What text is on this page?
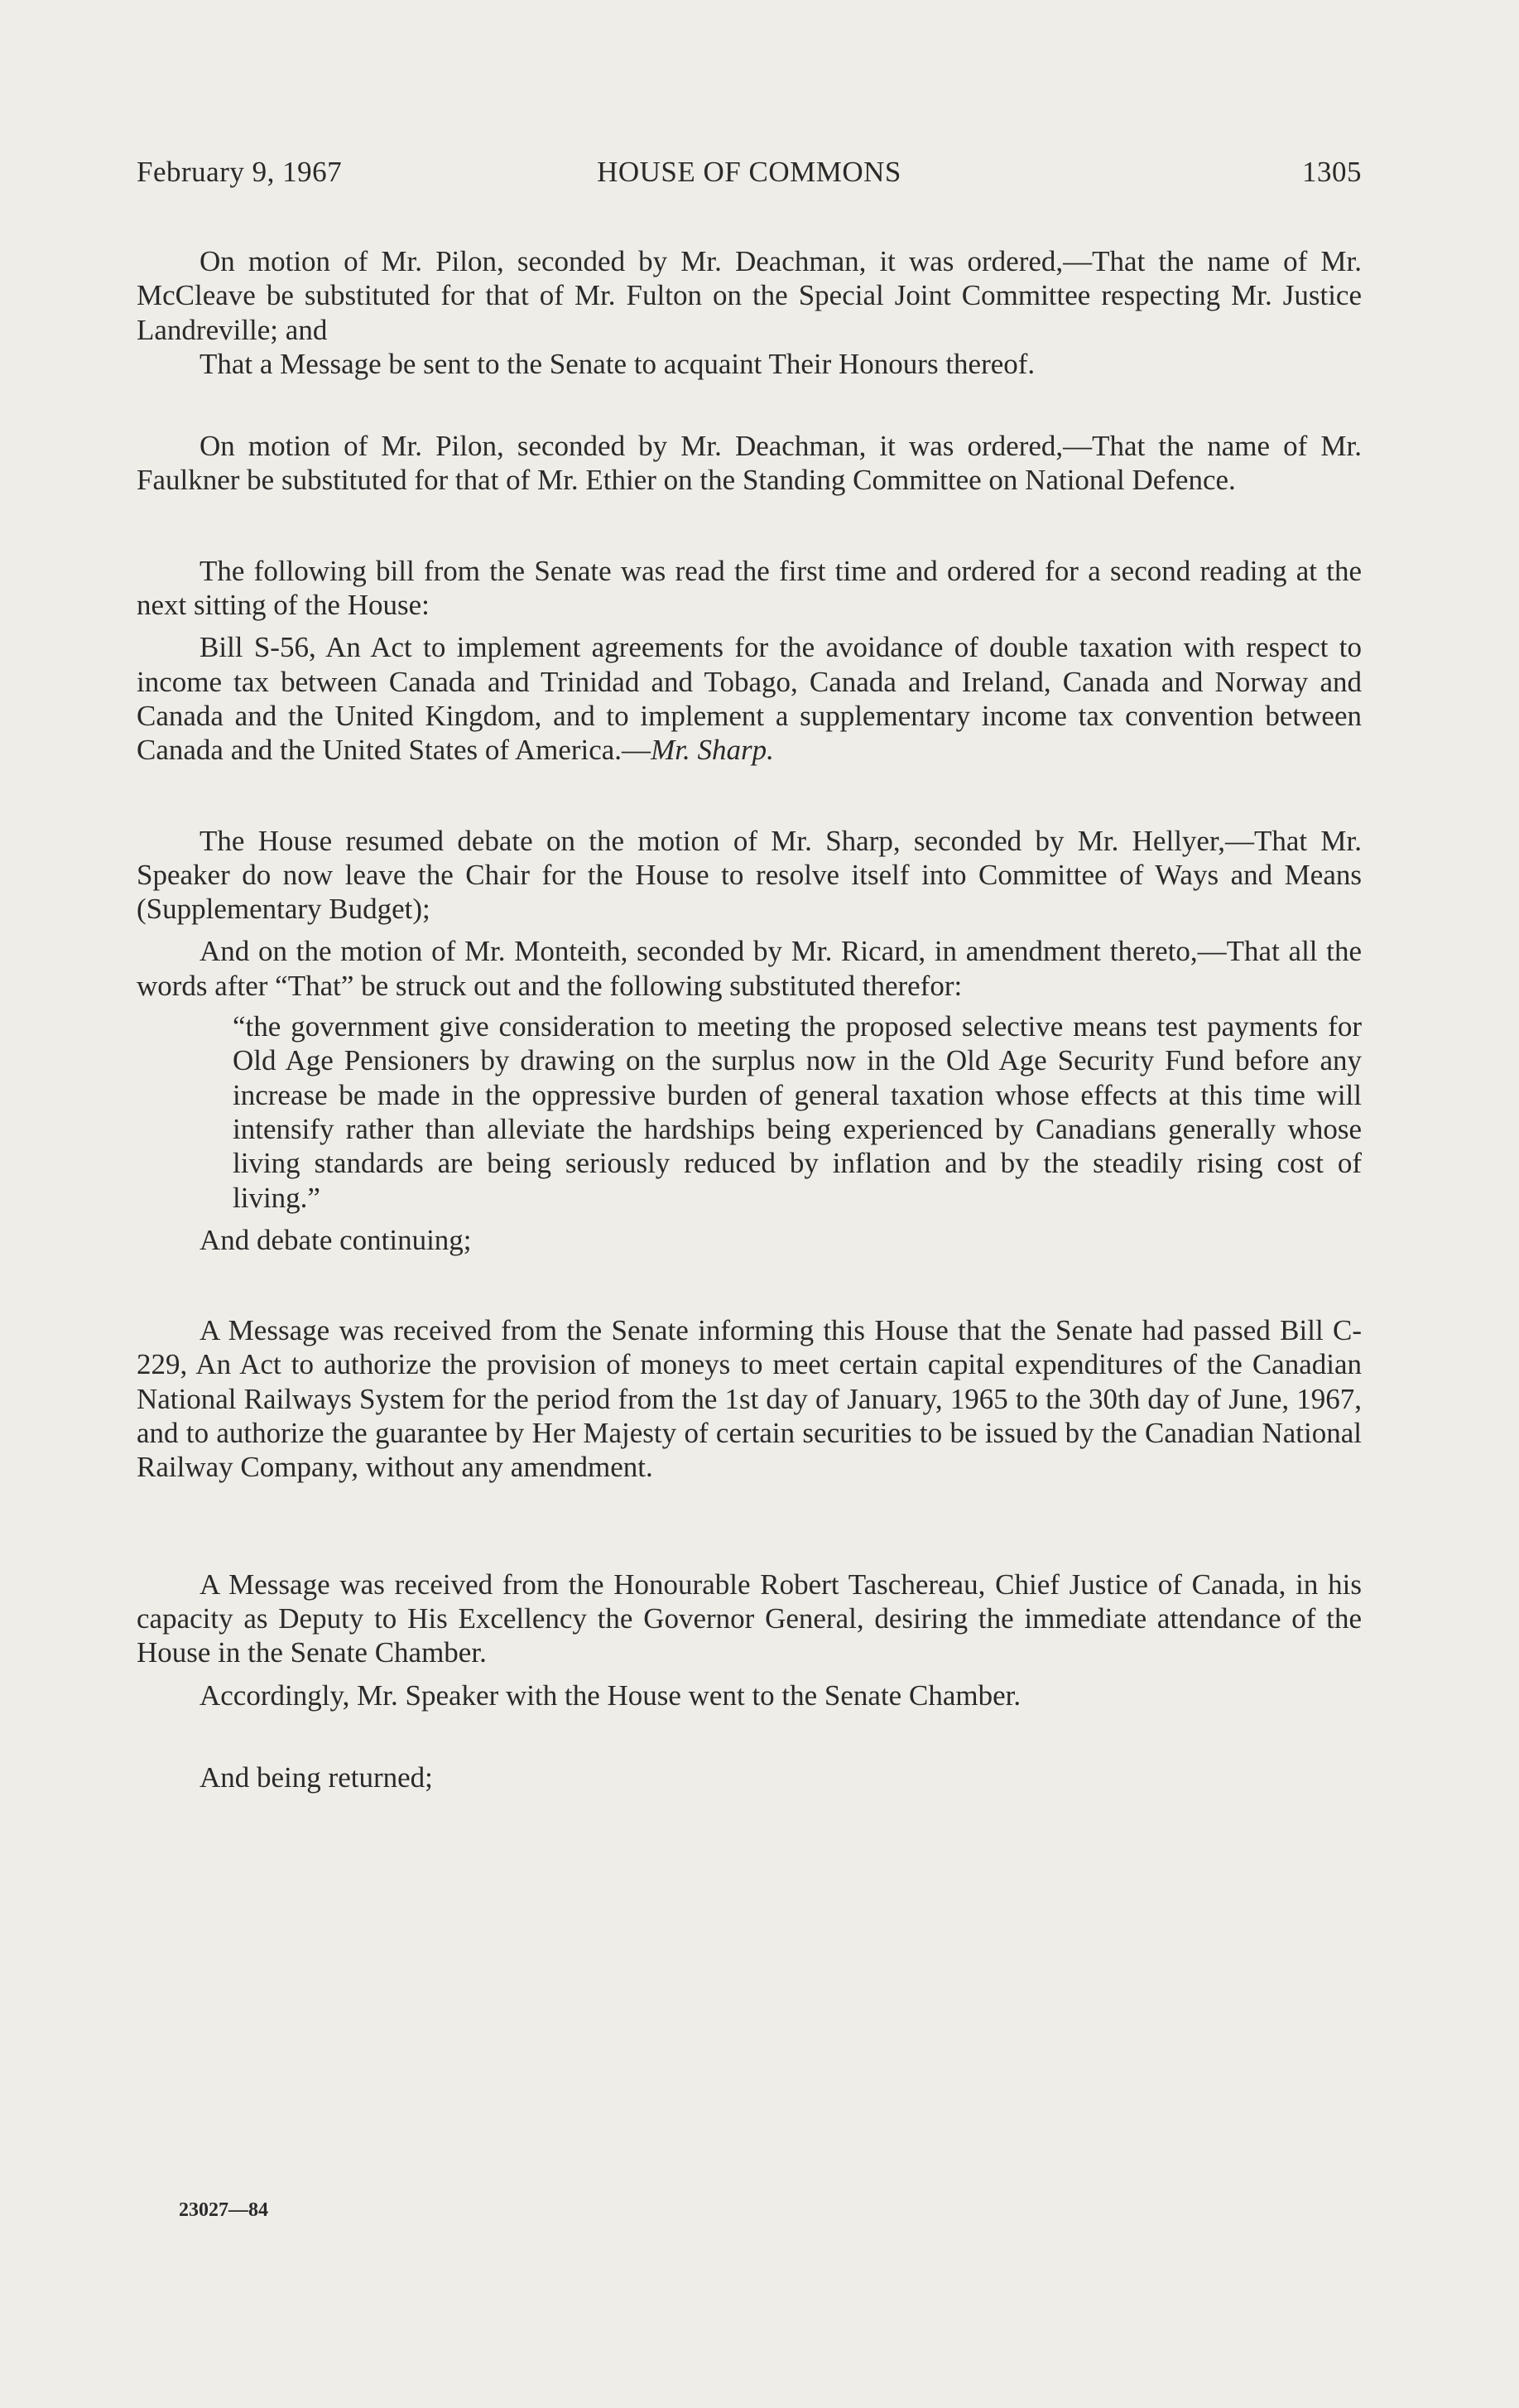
February 9, 1967	HOUSE OF COMMONS	1305

On motion of Mr. Pilon, seconded by Mr. Deachman, it was ordered,—That the name of Mr. McCleave be substituted for that of Mr. Fulton on the Special Joint Committee respecting Mr. Justice Landreville; and

That a Message be sent to the Senate to acquaint Their Honours thereof.

On motion of Mr. Pilon, seconded by Mr. Deachman, it was ordered,—That the name of Mr. Faulkner be substituted for that of Mr. Ethier on the Standing Committee on National Defence.

The following bill from the Senate was read the first time and ordered for a second reading at the next sitting of the House:

Bill S-56, An Act to implement agreements for the avoidance of double taxation with respect to income tax between Canada and Trinidad and Tobago, Canada and Ireland, Canada and Norway and Canada and the United Kingdom, and to implement a supplementary income tax convention between Canada and the United States of America.—Mr. Sharp.

The House resumed debate on the motion of Mr. Sharp, seconded by Mr. Hellyer,—That Mr. Speaker do now leave the Chair for the House to resolve itself into Committee of Ways and Means (Supplementary Budget);

And on the motion of Mr. Monteith, seconded by Mr. Ricard, in amendment thereto,—That all the words after “That” be struck out and the following substituted therefor:

“the government give consideration to meeting the proposed selective means test payments for Old Age Pensioners by drawing on the surplus now in the Old Age Security Fund before any increase be made in the oppressive burden of general taxation whose effects at this time will intensify rather than alleviate the hardships being experienced by Canadians generally whose living standards are being seriously reduced by inflation and by the steadily rising cost of living.”

And debate continuing;

A Message was received from the Senate informing this House that the Senate had passed Bill C-229, An Act to authorize the provision of moneys to meet certain capital expenditures of the Canadian National Railways System for the period from the 1st day of January, 1965 to the 30th day of June, 1967, and to authorize the guarantee by Her Majesty of certain securities to be issued by the Canadian National Railway Company, without any amendment.

A Message was received from the Honourable Robert Taschereau, Chief Justice of Canada, in his capacity as Deputy to His Excellency the Governor General, desiring the immediate attendance of the House in the Senate Chamber.

Accordingly, Mr. Speaker with the House went to the Senate Chamber.

And being returned;

23027—84
